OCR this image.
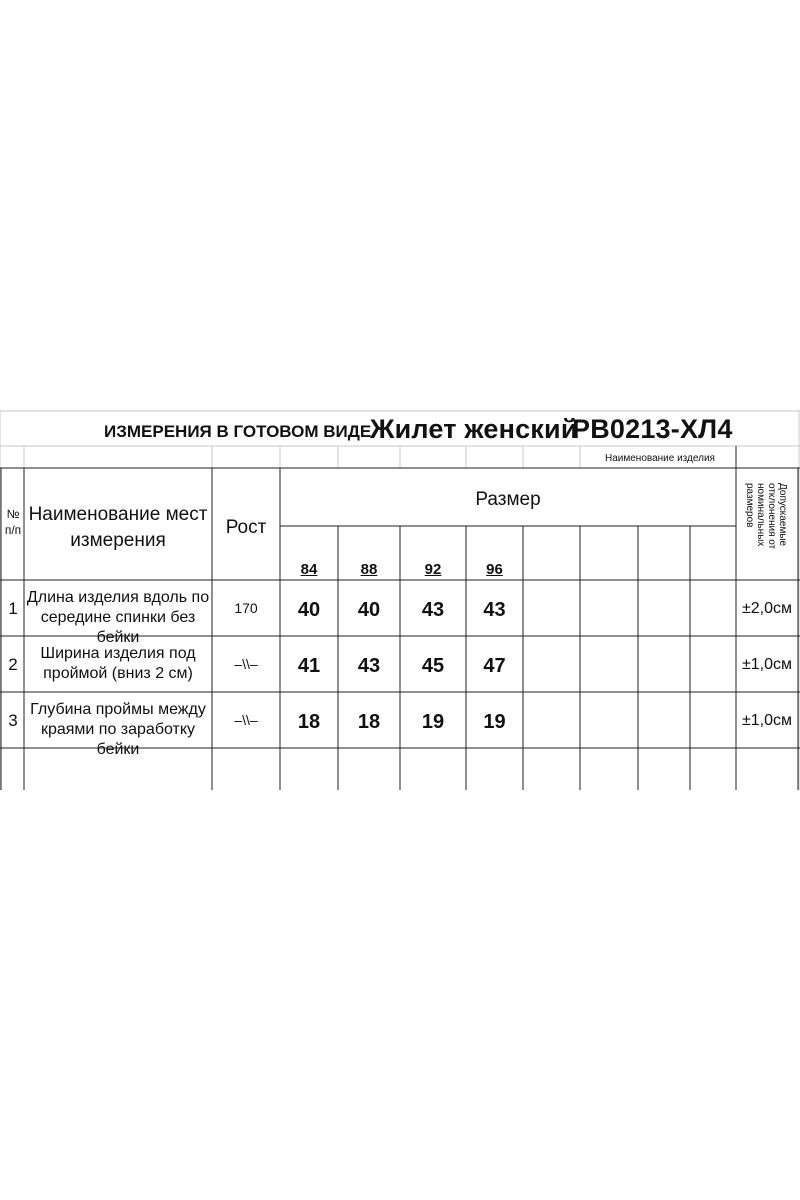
ИЗМЕРЕНИЯ В ГОТОВОМ ВИДЕ
Жилет женский
РВ0213-ХЛ4
Наименование изделия
№ п/п
Наименование мест измерения
Рост
Размер
84	88	92	96
Допускаемые отклонения от номинальных размеров
1
Длина изделия вдоль по середине спинки без бейки
170	40	40	43	43	±2,0см
2
Ширина изделия под проймой (вниз 2 см)
–\\–	41	43	45	47	±1,0см
3
Глубина проймы между краями по заработку бейки
–\\–	18	18	19	19	±1,0см
